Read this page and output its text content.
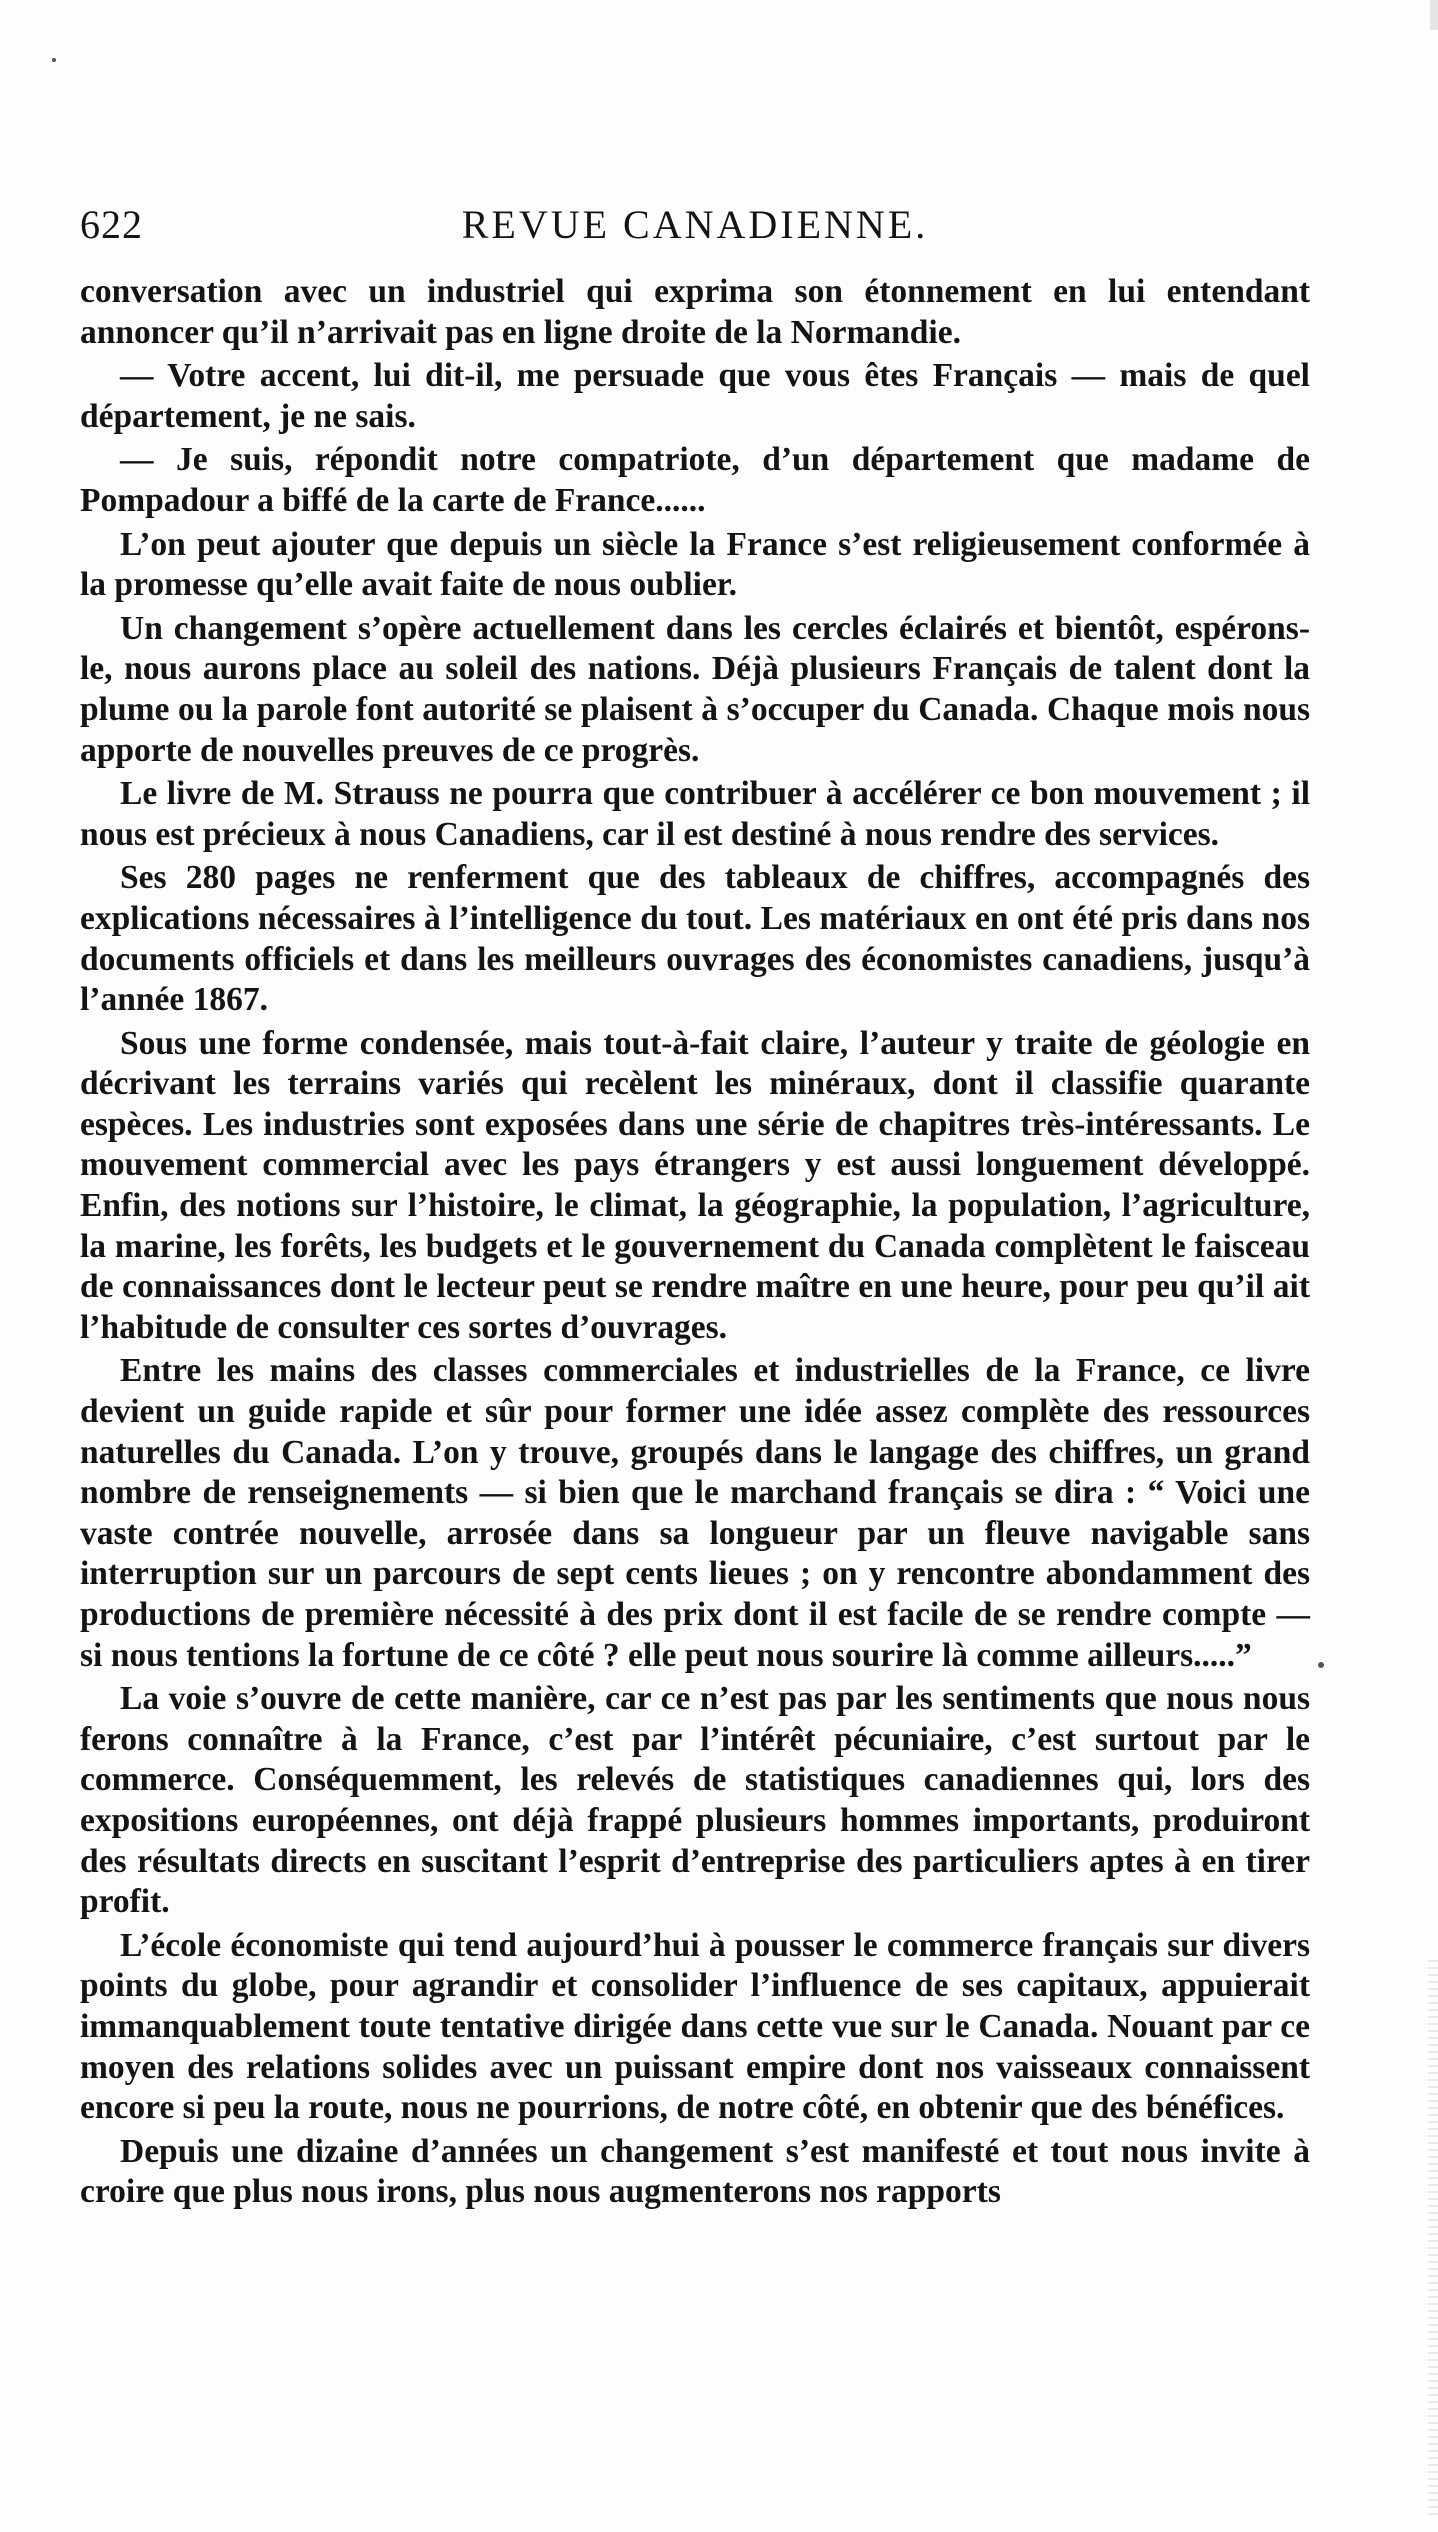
622	REVUE CANADIENNE.

conversation avec un industriel qui exprima son étonnement en lui entendant annoncer qu’il n’arrivait pas en ligne droite de la Normandie.

— Votre accent, lui dit-il, me persuade que vous êtes Français — mais de quel département, je ne sais.

— Je suis, répondit notre compatriote, d’un département que madame de Pompadour a biffé de la carte de France......

L’on peut ajouter que depuis un siècle la France s’est religieusement conformée à la promesse qu’elle avait faite de nous oublier.

Un changement s’opère actuellement dans les cercles éclairés et bientôt, espérons-le, nous aurons place au soleil des nations. Déjà plusieurs Français de talent dont la plume ou la parole font autorité se plaisent à s’occuper du Canada. Chaque mois nous apporte de nouvelles preuves de ce progrès.

Le livre de M. Strauss ne pourra que contribuer à accélérer ce bon mouvement ; il nous est précieux à nous Canadiens, car il est destiné à nous rendre des services.

Ses 280 pages ne renferment que des tableaux de chiffres, accompagnés des explications nécessaires à l’intelligence du tout. Les matériaux en ont été pris dans nos documents officiels et dans les meilleurs ouvrages des économistes canadiens, jusqu’à l’année 1867.

Sous une forme condensée, mais tout-à-fait claire, l’auteur y traite de géologie en décrivant les terrains variés qui recèlent les minéraux, dont il classifie quarante espèces. Les industries sont exposées dans une série de chapitres très-intéressants. Le mouvement commercial avec les pays étrangers y est aussi longuement développé. Enfin, des notions sur l’histoire, le climat, la géographie, la population, l’agriculture, la marine, les forêts, les budgets et le gouvernement du Canada complètent le faisceau de connaissances dont le lecteur peut se rendre maître en une heure, pour peu qu’il ait l’habitude de consulter ces sortes d’ouvrages.

Entre les mains des classes commerciales et industrielles de la France, ce livre devient un guide rapide et sûr pour former une idée assez complète des ressources naturelles du Canada. L’on y trouve, groupés dans le langage des chiffres, un grand nombre de renseignements — si bien que le marchand français se dira : “ Voici une vaste contrée nouvelle, arrosée dans sa longueur par un fleuve navigable sans interruption sur un parcours de sept cents lieues ; on y rencontre abondamment des productions de première nécessité à des prix dont il est facile de se rendre compte — si nous tentions la fortune de ce côté ? elle peut nous sourire là comme ailleurs.....”

La voie s’ouvre de cette manière, car ce n’est pas par les sentiments que nous nous ferons connaître à la France, c’est par l’intérêt pécuniaire, c’est surtout par le commerce. Conséquemment, les relevés de statistiques canadiennes qui, lors des expositions européennes, ont déjà frappé plusieurs hommes importants, produiront des résultats directs en suscitant l’esprit d’entreprise des particuliers aptes à en tirer profit.

L’école économiste qui tend aujourd’hui à pousser le commerce français sur divers points du globe, pour agrandir et consolider l’influence de ses capitaux, appuierait immanquablement toute tentative dirigée dans cette vue sur le Canada. Nouant par ce moyen des relations solides avec un puissant empire dont nos vaisseaux connaissent encore si peu la route, nous ne pourrions, de notre côté, en obtenir que des bénéfices.

Depuis une dizaine d’années un changement s’est manifesté et tout nous invite à croire que plus nous irons, plus nous augmenterons nos rapports
